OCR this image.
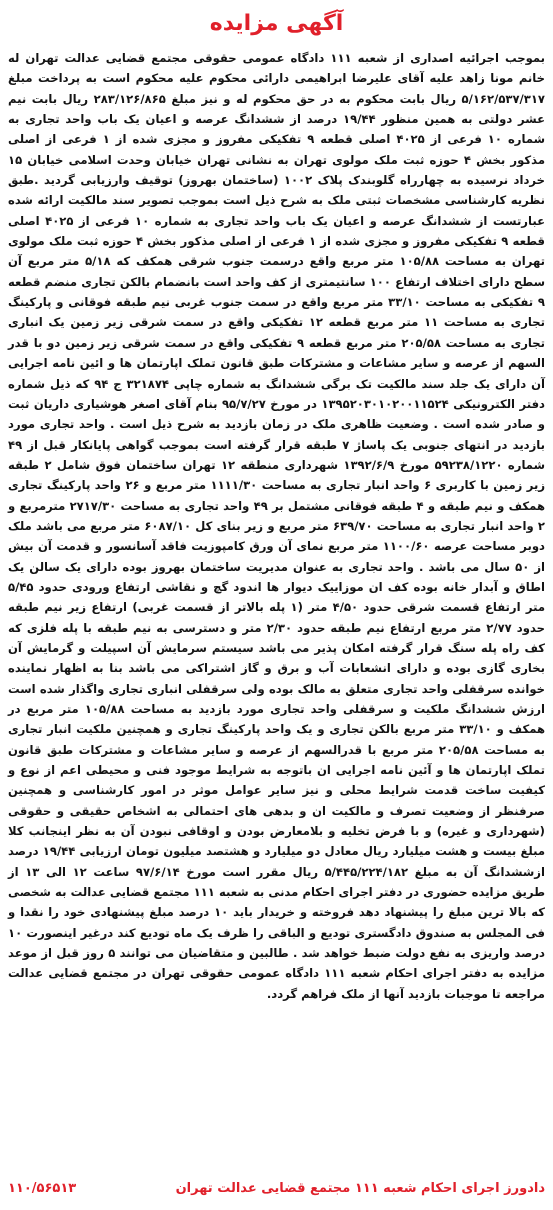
آگهی مزایده

بموجب اجرائیه اصداری از شعبه ۱۱۱ دادگاه عمومی حقوقی مجتمع قضایی عدالت تهران له خانم مونا زاهد علیه آقای علیرضا ابراهیمی دارائی محکوم علیه محکوم است به پرداخت مبلغ ۵/۱۶۲/۵۳۷/۳۱۷ ریال بابت محکوم به در حق محکوم له و نیز مبلغ ۲۸۳/۱۲۶/۸۶۵ ریال بابت نیم عشر دولتی به همین منظور ۱۹/۴۴ درصد از ششدانگ عرصه و اعیان یک باب واحد تجاری به شماره ۱۰ فرعی از ۴۰۲۵ اصلی قطعه ۹ تفکیکی مفروز و مجزی شده از ۱ فرعی از اصلی مذکور بخش ۴ حوزه ثبت ملک مولوی تهران به نشانی تهران خیابان وحدت اسلامی خیابان ۱۵ خرداد نرسیده به چهارراه گلوبندک پلاک ۱۰۰۲ (ساختمان بهروز) توقیف وارزیابی گردید .طبق نظریه کارشناسی مشخصات ثبتی ملک به شرح ذیل است بموجب تصویر سند مالکیت ارائه شده عبارتست از ششدانگ عرصه و اعیان یک باب واحد تجاری به شماره ۱۰ فرعی از ۴۰۲۵ اصلی قطعه ۹ تفکیکی مفروز و مجزی شده از ۱ فرعی از اصلی مذکور بخش ۴ حوزه ثبت ملک مولوی تهران به مساحت ۱۰۵/۸۸ متر مربع واقع درسمت جنوب شرقی همکف که ۵/۱۸ متر مربع آن سطح دارای اختلاف ارتفاع ۱۰۰ سانتیمتری از کف واحد است بانضمام بالکن تجاری منضم قطعه ۹ تفکیکی به مساحت ۳۳/۱۰ متر مربع واقع در سمت جنوب غربی نیم طبقه فوقانی و پارکینگ تجاری به مساحت ۱۱ متر مربع قطعه ۱۲ تفکیکی واقع در سمت شرقی زیر زمین یک انباری تجاری به مساحت ۲۰۵/۵۸ متر مربع قطعه ۹ تفکیکی واقع در سمت شرقی زیر زمین دو با قدر السهم از عرصه و سایر مشاعات و مشترکات طبق قانون تملک اپارتمان ها و ائین نامه اجرایی آن دارای یک جلد سند مالکیت تک برگی ششدانگ به شماره چاپی ۳۲۱۸۷۴ ج ۹۴ که ذیل شماره دفتر الکترونیکی ۱۳۹۵۲۰۳۰۱۰۲۰۰۱۱۵۲۴ در مورخ ۹۵/۷/۲۷ بنام آقای اصغر هوشیاری داریان ثبت و صادر شده است . وضعیت ظاهری ملک در زمان بازدید به شرح ذیل است . واحد تجاری مورد بازدید در انتهای جنوبی یک پاساژ ۷ طبقه قرار گرفته است بموجب گواهی پایانکار قبل از ۴۹ شماره ۵۹۲۳۸/۱۲۲۰ مورخ ۱۳۹۲/۶/۹ شهرداری منطقه ۱۲ تهران ساختمان فوق شامل ۲ طبقه زیر زمین با کاربری ۶ واحد انبار تجاری به مساحت ۱۱۱۱/۳۰ متر مربع و ۲۶ واحد پارکینگ تجاری همکف و نیم طبقه و ۴ طبقه فوقانی مشتمل بر ۴۹ واحد تجاری به مساحت ۲۷۱۷/۳۰ مترمربع و ۲ واحد انبار تجاری به مساحت ۶۳۹/۷۰ متر مربع و زیر بنای کل ۶۰۸۷/۱۰ متر مربع می باشد ملک دوبر مساحت عرصه ۱۱۰۰/۶۰ متر مربع نمای آن ورق کامپوزیت فاقد آسانسور و قدمت آن بیش از ۵۰ سال می باشد . واحد تجاری به عنوان مدیریت ساختمان بهروز بوده دارای یک سالن یک اطاق و آبدار خانه بوده کف ان موزاییک دیوار ها اندود گچ و نقاشی ارتفاع ورودی حدود ۵/۴۵ متر ارتفاع قسمت شرقی حدود ۴/۵۰ متر (۱ پله بالاتر از قسمت غربی) ارتفاع زیر نیم طبقه حدود ۲/۷۷ متر مربع ارتفاع نیم طبقه حدود ۲/۳۰ متر و دسترسی به نیم طبقه با پله فلزی که کف راه پله سنگ قرار گرفته امکان پذیر می باشد سیستم سرمایش آن اسپیلت و گرمایش آن بخاری گازی بوده و دارای انشعابات آب و برق و گاز اشتراکی می باشد بنا به اظهار نماینده خوانده سرقفلی واحد تجاری متعلق به مالک بوده ولی سرقفلی انباری تجاری واگذار شده است ارزش ششدانگ ملکیت و سرقفلی واحد تجاری مورد بازدید به مساحت ۱۰۵/۸۸ متر مربع در همکف و ۳۳/۱۰ متر مربع بالکن تجاری و یک واحد پارکینگ تجاری و همچنین ملکیت انبار تجاری به مساحت ۲۰۵/۵۸ متر مربع با قدرالسهم از عرصه و سایر مشاعات و مشترکات طبق قانون تملک اپارتمان ها و آئین نامه اجرایی ان باتوجه به شرایط موجود فنی و محیطی اعم از نوع و کیفیت ساخت قدمت شرایط محلی و نیز سایر عوامل موثر در امور کارشناسی و همچنین صرفنظر از وضعیت تصرف و مالکیت ان و بدهی های احتمالی به اشخاص حقیقی و حقوقی (شهرداری و غیره) و با فرض تخلیه و بلامعارض بودن و اوقافی نبودن آن به نظر اینجانب کلا مبلغ بیست و هشت میلیارد ریال معادل دو میلیارد و هشتصد میلیون تومان ارزیابی ۱۹/۴۴ درصد ازششدانگ آن به مبلغ ۵/۴۴۵/۲۲۴/۱۸۲ ریال مقرر است مورخ ۹۷/۶/۱۴ ساعت ۱۲ الی ۱۳ از طریق مزایده حضوری در دفتر اجرای احکام مدنی به شعبه ۱۱۱ مجتمع قضایی عدالت به شخصی که بالا ترین مبلغ را پیشنهاد دهد فروخته و خریدار باید ۱۰ درصد مبلغ پیشنهادی خود را نقدا و فی المجلس به صندوق دادگستری تودیع و الباقی را ظرف یک ماه تودیع کند درغیر اینصورت ۱۰ درصد واریزی به نفع دولت ضبط خواهد شد . طالبین و متقاضیان می توانند ۵ روز قبل از موعد مزایده به دفتر اجرای احکام شعبه ۱۱۱ دادگاه عمومی حقوقی تهران در مجتمع قضایی عدالت مراجعه تا موجبات بازدید آنها از ملک فراهم گردد.

دادورز اجرای احکام شعبه ۱۱۱ مجتمع قضایی عدالت تهران
۱۱۰/۵۶۵۱۳
